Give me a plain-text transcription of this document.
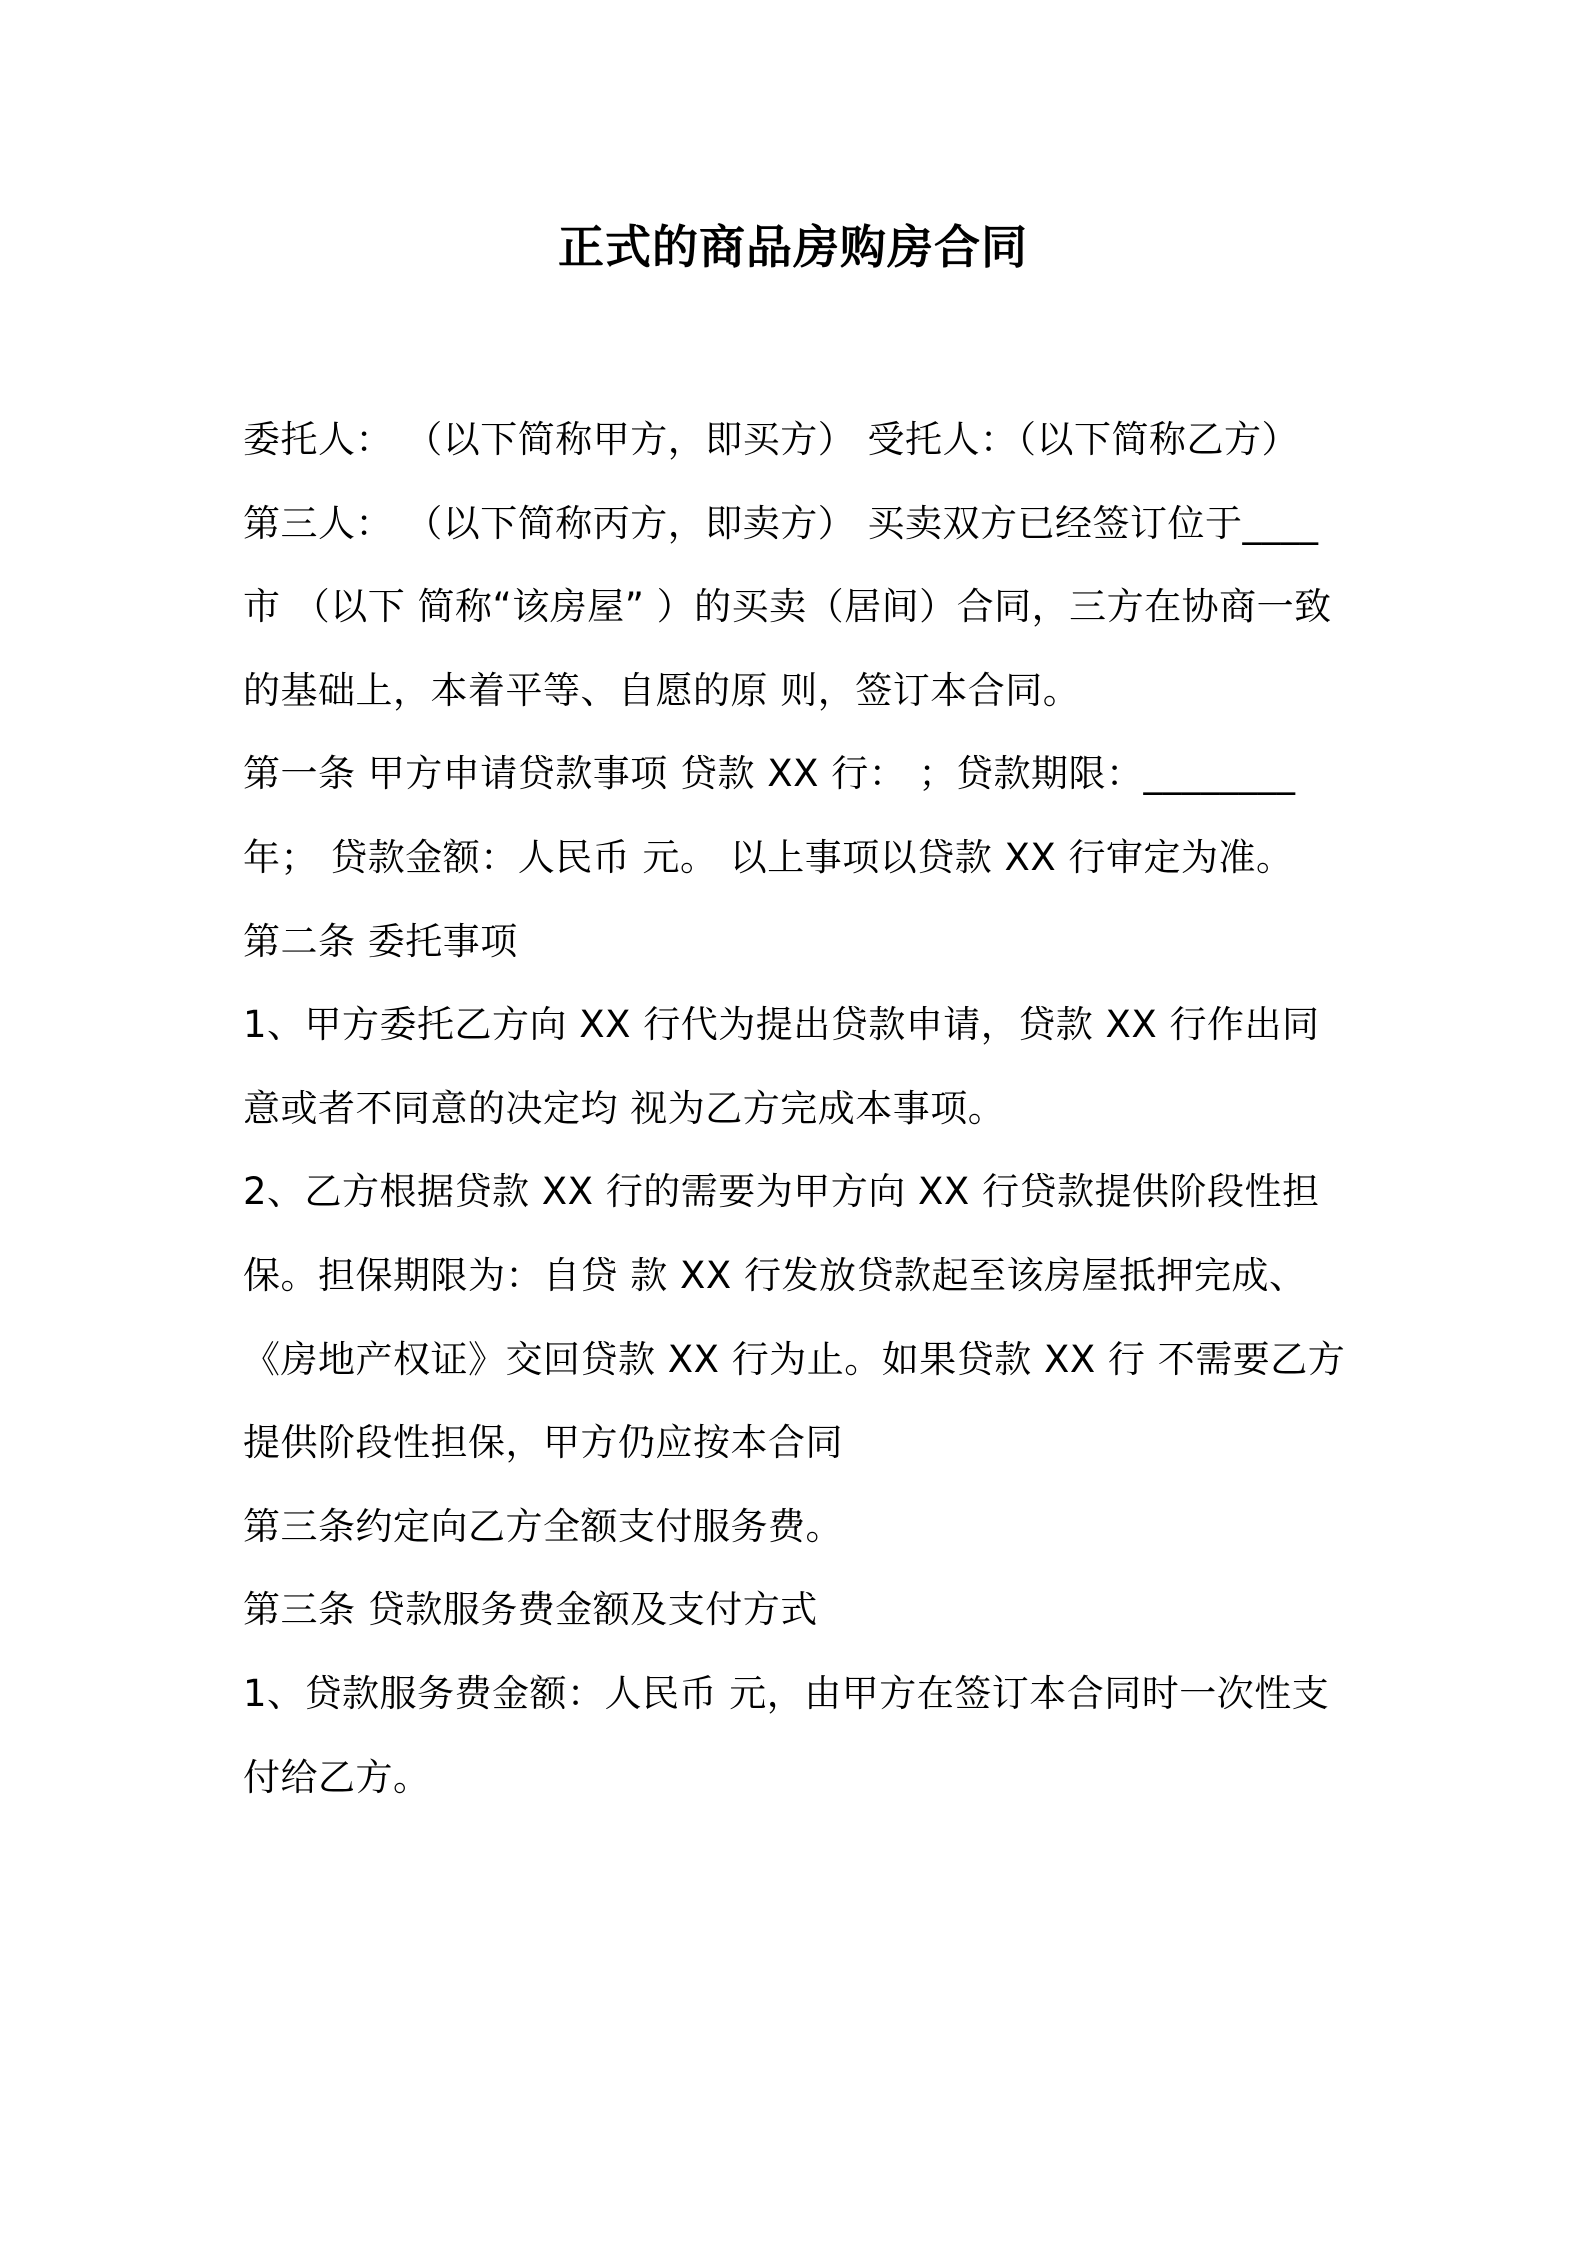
正式的商品房购房合同

委托人： （以下简称甲方，即买方） 受托人：（以下简称乙方）

第三人： （以下简称丙方，即卖方） 买卖双方已经签订位于____市 （以下 简称“该房屋” ）的买卖（居间）合同，三方在协商一致的基础上，本着平等、自愿的原 则，签订本合同。

第一条 甲方申请贷款事项 贷款 XX 行： ；贷款期限：________年； 贷款金额：人民币 元。 以上事项以贷款 XX 行审定为准。

第二条 委托事项

1、甲方委托乙方向 XX 行代为提出贷款申请，贷款 XX 行作出同意或者不同意的决定均 视为乙方完成本事项。

2、乙方根据贷款 XX 行的需要为甲方向 XX 行贷款提供阶段性担保。担保期限为：自贷 款 XX 行发放贷款起至该房屋抵押完成、《房地产权证》交回贷款 XX 行为止。如果贷款 XX 行 不需要乙方提供阶段性担保，甲方仍应按本合同

第三条约定向乙方全额支付服务费。

第三条 贷款服务费金额及支付方式

1、贷款服务费金额：人民币 元，由甲方在签订本合同时一次性支付给乙方。
